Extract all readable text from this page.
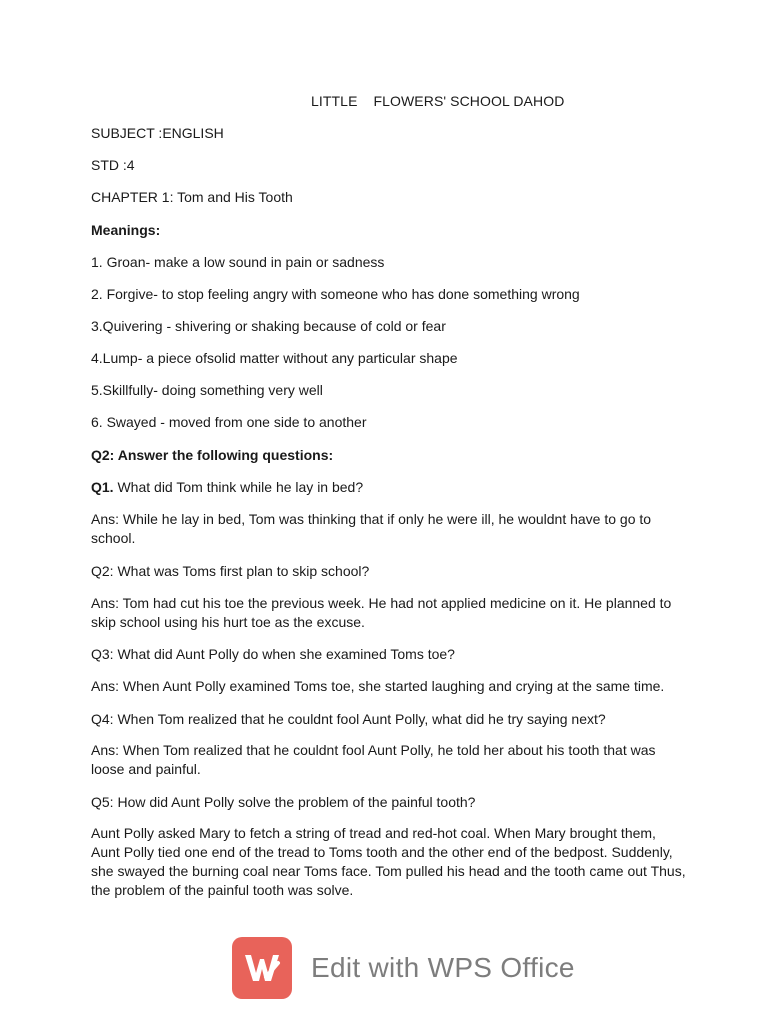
LITTLE    FLOWERS' SCHOOL DAHOD
SUBJECT :ENGLISH
STD :4
CHAPTER 1: Tom and His Tooth
Meanings:
1. Groan- make a low sound in pain or sadness
2. Forgive- to stop feeling angry with someone who has done something wrong
3.Quivering - shivering or shaking because of cold or fear
4.Lump- a piece ofsolid matter without any particular shape
5.Skillfully- doing something very well
6. Swayed - moved from one side to another
Q2: Answer the following questions:
Q1. What did Tom think while he lay in bed?
Ans: While he lay in bed, Tom was thinking that if only he were ill, he wouldnt have to go to school.
Q2: What was Toms first plan to skip school?
Ans: Tom had cut his toe the previous week. He had not applied medicine on it. He planned to skip school using his hurt toe as the excuse.
Q3: What did Aunt Polly do when she examined Toms toe?
Ans: When Aunt Polly examined Toms toe, she started laughing and crying at the same time.
Q4: When Tom realized that he couldnt fool Aunt Polly, what did he try saying next?
Ans: When Tom realized that he couldnt fool Aunt Polly, he told her about his tooth that was loose and painful.
Q5: How did Aunt Polly solve the problem of the painful tooth?
Aunt Polly asked Mary to fetch a string of tread and red-hot coal. When Mary brought them, Aunt Polly tied one end of the tread to Toms tooth and the other end of the bedpost. Suddenly, she swayed the burning coal near Toms face. Tom pulled his head and the tooth came out Thus, the problem of the painful tooth was solve.
Edit with WPS Office
